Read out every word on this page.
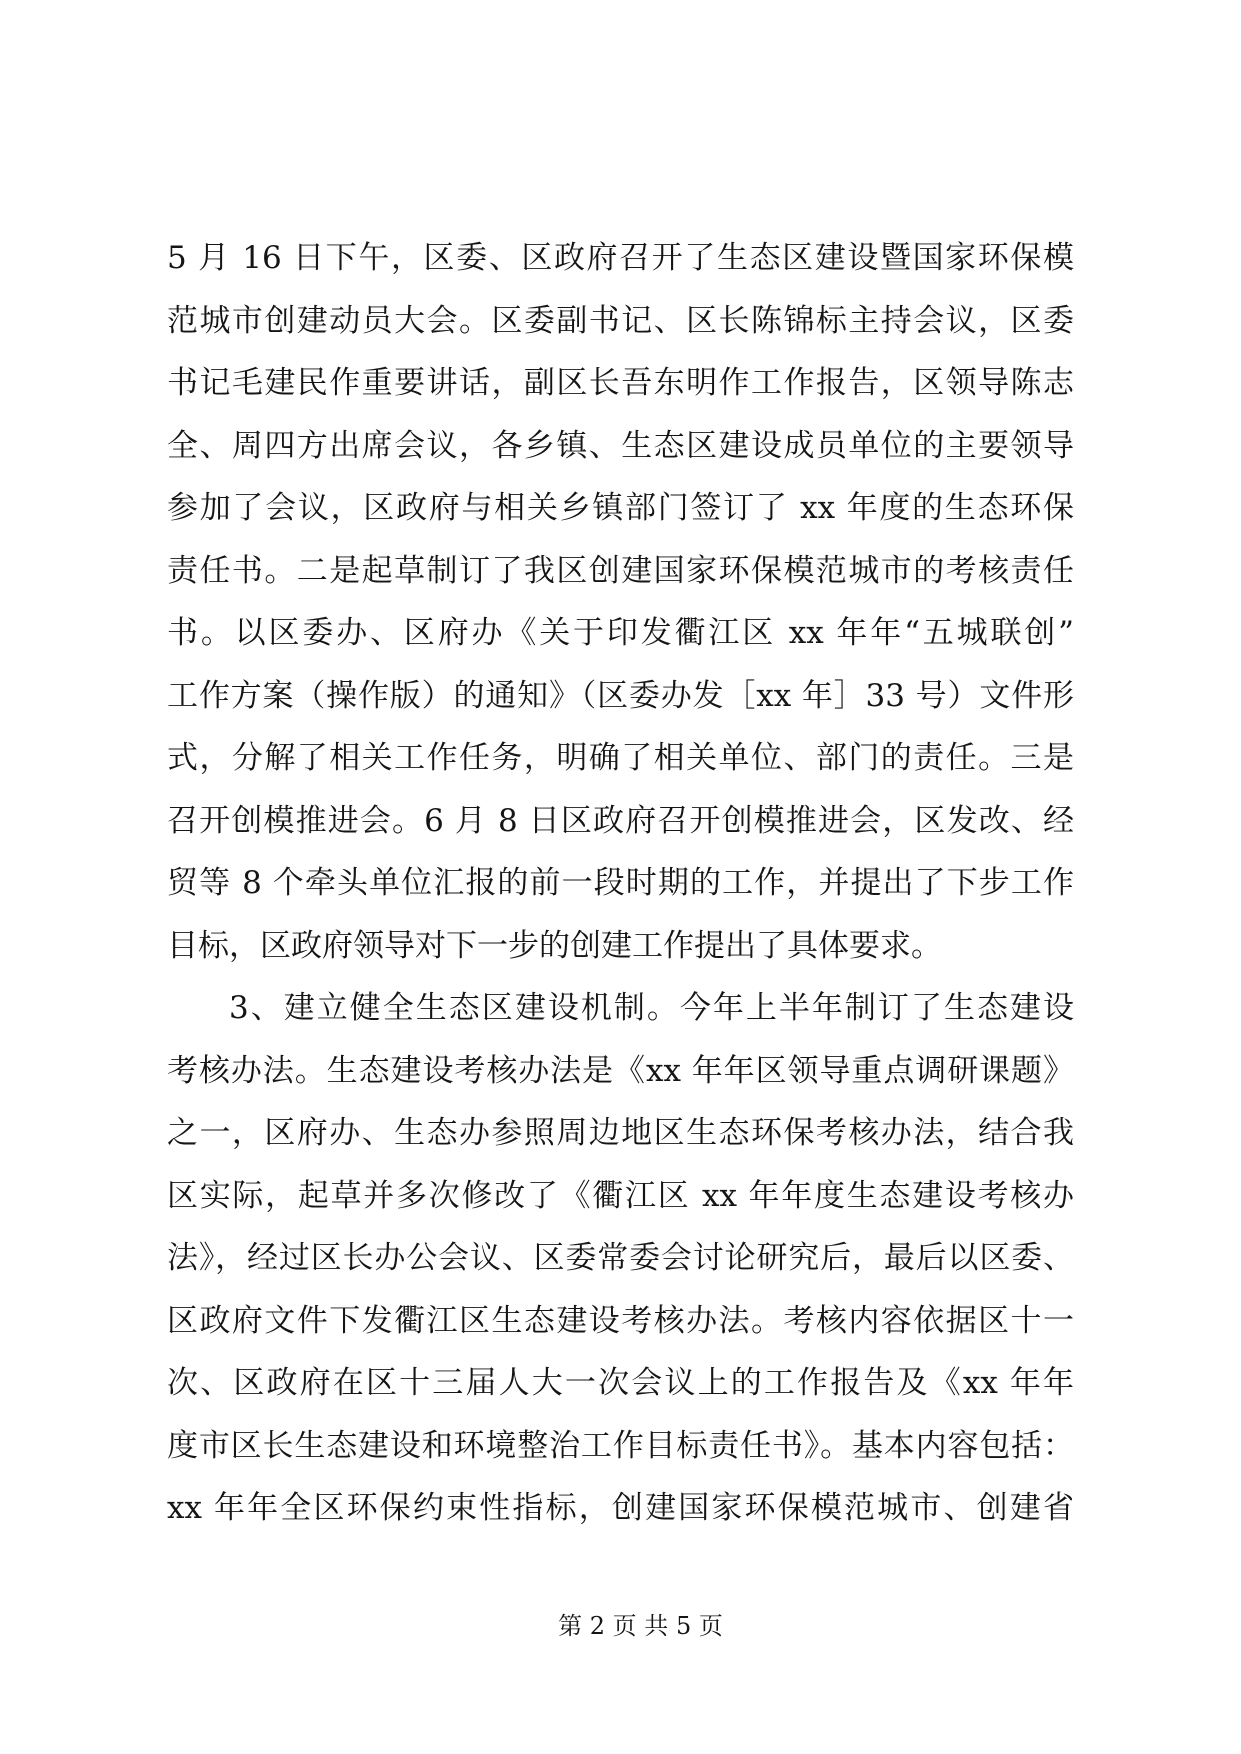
5 月 16 日下午，区委、区政府召开了生态区建设暨国家环保模
范城市创建动员大会。区委副书记、区长陈锦标主持会议，区委
书记毛建民作重要讲话，副区长吾东明作工作报告，区领导陈志
全、周四方出席会议，各乡镇、生态区建设成员单位的主要领导
参加了会议，区政府与相关乡镇部门签订了 xx 年度的生态环保
责任书。二是起草制订了我区创建国家环保模范城市的考核责任
书。以区委办、区府办《关于印发衢江区 xx 年年“五城联创”
工作方案（操作版）的通知》（区委办发［xx 年］33 号）文件形
式，分解了相关工作任务，明确了相关单位、部门的责任。三是
召开创模推进会。6 月 8 日区政府召开创模推进会，区发改、经
贸等 8 个牵头单位汇报的前一段时期的工作，并提出了下步工作
目标，区政府领导对下一步的创建工作提出了具体要求。
3、建立健全生态区建设机制。今年上半年制订了生态建设
考核办法。生态建设考核办法是《xx 年年区领导重点调研课题》
之一，区府办、生态办参照周边地区生态环保考核办法，结合我
区实际，起草并多次修改了《衢江区 xx 年年度生态建设考核办
法》，经过区长办公会议、区委常委会讨论研究后，最后以区委、
区政府文件下发衢江区生态建设考核办法。考核内容依据区十一
次、区政府在区十三届人大一次会议上的工作报告及《xx 年年
度市区长生态建设和环境整治工作目标责任书》。基本内容包括：
xx 年年全区环保约束性指标，创建国家环保模范城市、创建省
第 2 页 共 5 页
